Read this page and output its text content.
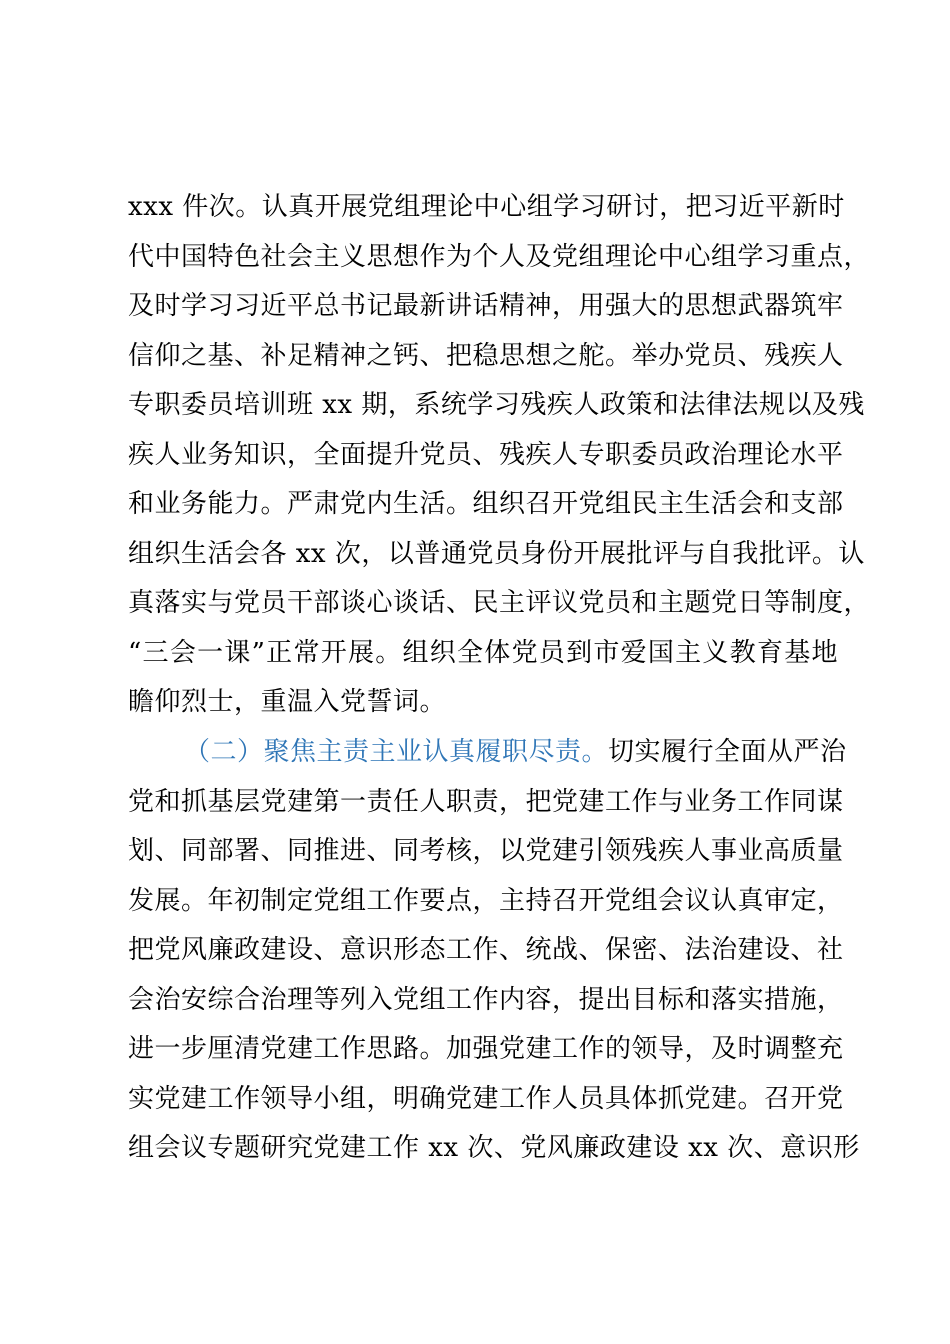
xxx 件次。认真开展党组理论中心组学习研讨，把习近平新时
代中国特色社会主义思想作为个人及党组理论中心组学习重点，
及时学习习近平总书记最新讲话精神，用强大的思想武器筑牢
信仰之基、补足精神之钙、把稳思想之舵。举办党员、残疾人
专职委员培训班 xx 期，系统学习残疾人政策和法律法规以及残
疾人业务知识，全面提升党员、残疾人专职委员政治理论水平
和业务能力。严肃党内生活。组织召开党组民主生活会和支部
组织生活会各 xx 次，以普通党员身份开展批评与自我批评。认
真落实与党员干部谈心谈话、民主评议党员和主题党日等制度，
“三会一课”正常开展。组织全体党员到市爱国主义教育基地
瞻仰烈士，重温入党誓词。
（二）聚焦主责主业认真履职尽责。切实履行全面从严治
党和抓基层党建第一责任人职责，把党建工作与业务工作同谋
划、同部署、同推进、同考核，以党建引领残疾人事业高质量
发展。年初制定党组工作要点，主持召开党组会议认真审定，
把党风廉政建设、意识形态工作、统战、保密、法治建设、社
会治安综合治理等列入党组工作内容，提出目标和落实措施，
进一步厘清党建工作思路。加强党建工作的领导，及时调整充
实党建工作领导小组，明确党建工作人员具体抓党建。召开党
组会议专题研究党建工作 xx 次、党风廉政建设 xx 次、意识形
